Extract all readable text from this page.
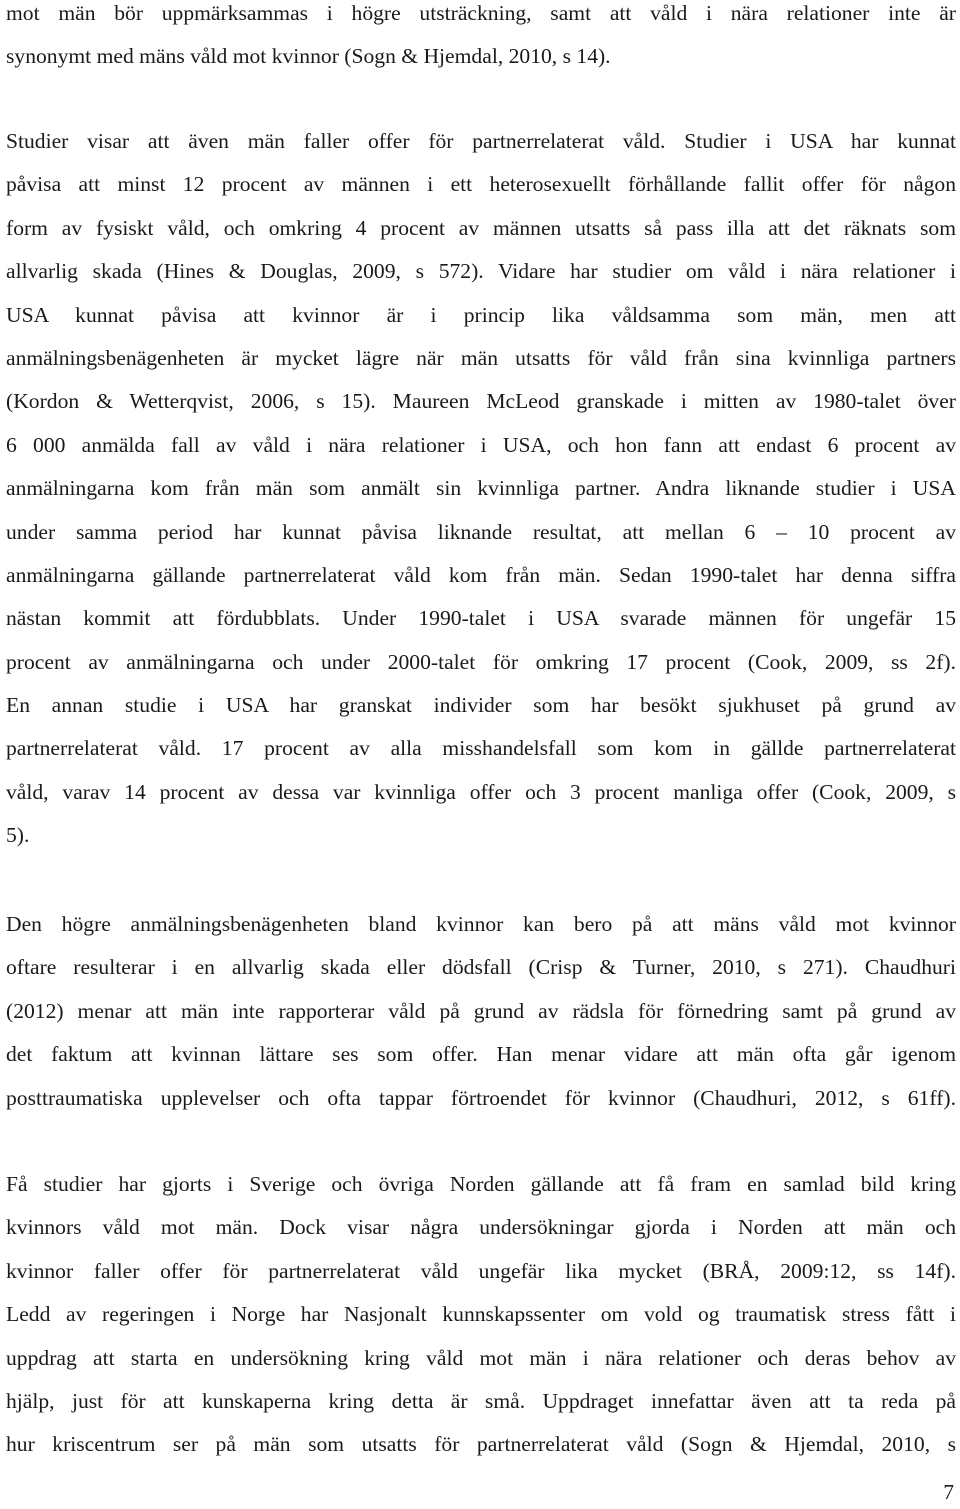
mot män bör uppmärksammas i högre utsträckning, samt att våld i nära relationer inte är
synonymt med mäns våld mot kvinnor (Sogn & Hjemdal, 2010, s 14).
Studier visar att även män faller offer för partnerrelaterat våld. Studier i USA har kunnat
påvisa att minst 12 procent av männen i ett heterosexuellt förhållande fallit offer för någon
form av fysiskt våld, och omkring 4 procent av männen utsatts så pass illa att det räknats som
allvarlig skada (Hines & Douglas, 2009, s 572). Vidare har studier om våld i nära relationer i
USA kunnat påvisa att kvinnor är i princip lika våldsamma som män, men att
anmälningsbenägenheten är mycket lägre när män utsatts för våld från sina kvinnliga partners
(Kordon & Wetterqvist, 2006, s 15). Maureen McLeod granskade i mitten av 1980-talet över
6 000 anmälda fall av våld i nära relationer i USA, och hon fann att endast 6 procent av
anmälningarna kom från män som anmält sin kvinnliga partner. Andra liknande studier i USA
under samma period har kunnat påvisa liknande resultat, att mellan 6 – 10 procent av
anmälningarna gällande partnerrelaterat våld kom från män. Sedan 1990-talet har denna siffra
nästan kommit att fördubblats. Under 1990-talet i USA svarade männen för ungefär 15
procent av anmälningarna och under 2000-talet för omkring 17 procent (Cook, 2009, ss 2f).
En annan studie i USA har granskat individer som har besökt sjukhuset på grund av
partnerrelaterat våld. 17 procent av alla misshandelsfall som kom in gällde partnerrelaterat
våld, varav 14 procent av dessa var kvinnliga offer och 3 procent manliga offer (Cook, 2009, s
5).
Den högre anmälningsbenägenheten bland kvinnor kan bero på att mäns våld mot kvinnor
oftare resulterar i en allvarlig skada eller dödsfall (Crisp & Turner, 2010, s 271). Chaudhuri
(2012) menar att män inte rapporterar våld på grund av rädsla för förnedring samt på grund av
det faktum att kvinnan lättare ses som offer. Han menar vidare att män ofta går igenom
posttraumatiska upplevelser och ofta tappar förtroendet för kvinnor (Chaudhuri, 2012, s 61ff).
Få studier har gjorts i Sverige och övriga Norden gällande att få fram en samlad bild kring
kvinnors våld mot män. Dock visar några undersökningar gjorda i Norden att män och
kvinnor faller offer för partnerrelaterat våld ungefär lika mycket (BRÅ, 2009:12, ss 14f).
Ledd av regeringen i Norge har Nasjonalt kunnskapssenter om vold og traumatisk stress fått i
uppdrag att starta en undersökning kring våld mot män i nära relationer och deras behov av
hjälp, just för att kunskaperna kring detta är små. Uppdraget innefattar även att ta reda på
hur kriscentrum ser på män som utsatts för partnerrelaterat våld (Sogn & Hjemdal, 2010, s
7
